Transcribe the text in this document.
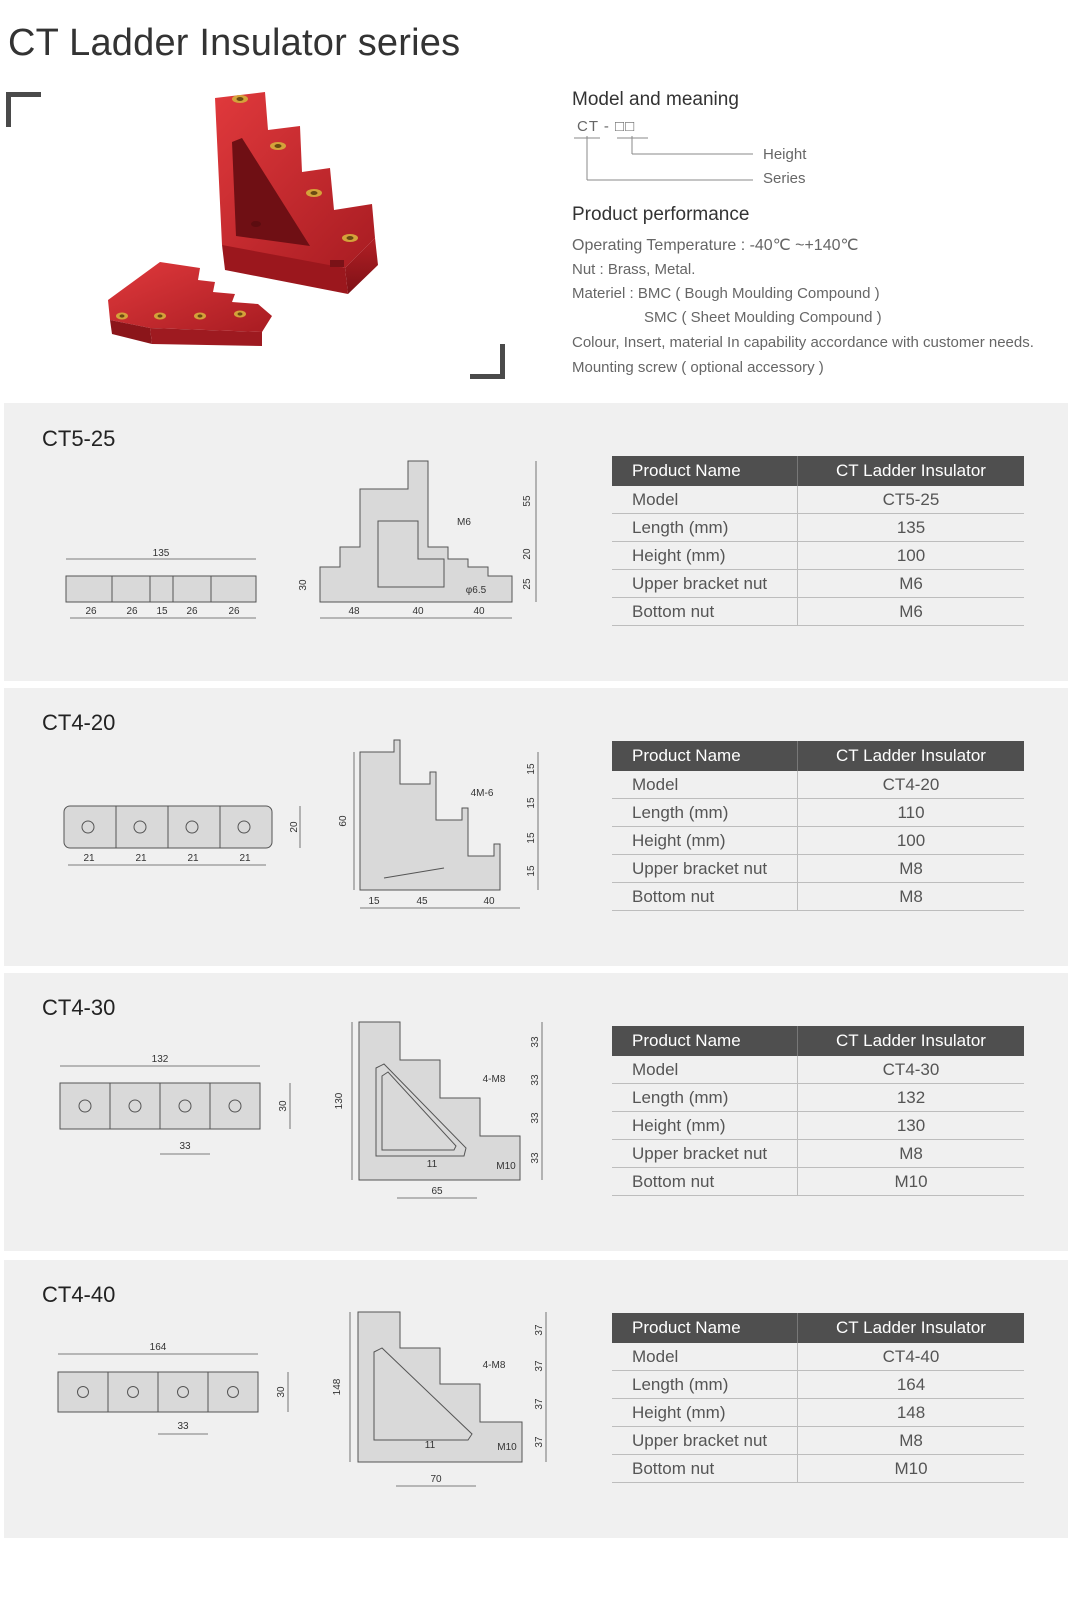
CT Ladder Insulator series
Model and meaning
CT - □□
Height
Series
Product performance
Operating Temperature : -40℃ ~+140℃
Nut : Brass, Metal.
Materiel : BMC ( Bough Moulding Compound )
SMC ( Sheet Moulding Compound )
Colour, Insert, material In capability accordance with customer needs.
Mounting screw ( optional accessory )
CT5-25
135
26	26 15 26	26
M6
φ6.5
30
55
20
25
48	40	40
Product Name	CT Ladder Insulator
Model	CT5-25
Length (mm)	135
Height (mm)	100
Upper bracket nut	M6
Bottom nut	M6
CT4-20
21	21	21	21
20
4M-6
60
15
15
15
15
15	45	40
Product Name	CT Ladder Insulator
Model	CT4-20
Length (mm)	110
Height (mm)	100
Upper bracket nut	M8
Bottom nut	M8
CT4-30
132
33
30
4-M8
M10
11
130
33
33
33
33
65
Product Name	CT Ladder Insulator
Model	CT4-30
Length (mm)	132
Height (mm)	130
Upper bracket nut	M8
Bottom nut	M10
CT4-40
164
33
30
4-M8
M10
11
148
37
37
37
37
70
Product Name	CT Ladder Insulator
Model	CT4-40
Length (mm)	164
Height (mm)	148
Upper bracket nut	M8
Bottom nut	M10
